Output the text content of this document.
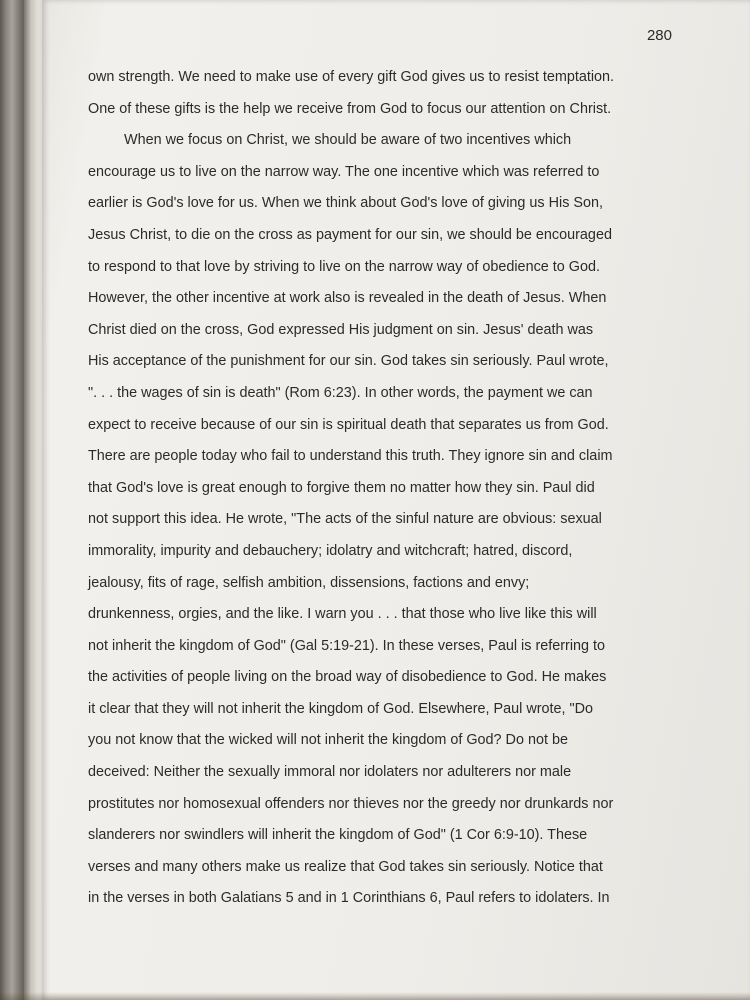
280
own strength. We need to make use of every gift God gives us to resist temptation.
One of these gifts is the help we receive from God to focus our attention on Christ.
When we focus on Christ, we should be aware of two incentives which
encourage us to live on the narrow way. The one incentive which was referred to
earlier is God's love for us. When we think about God's love of giving us His Son,
Jesus Christ, to die on the cross as payment for our sin, we should be encouraged
to respond to that love by striving to live on the narrow way of obedience to God.
However, the other incentive at work also is revealed in the death of Jesus. When
Christ died on the cross, God expressed His judgment on sin. Jesus' death was
His acceptance of the punishment for our sin. God takes sin seriously. Paul wrote,
". . . the wages of sin is death" (Rom 6:23). In other words, the payment we can
expect to receive because of our sin is spiritual death that separates us from God.
There are people today who fail to understand this truth. They ignore sin and claim
that God's love is great enough to forgive them no matter how they sin. Paul did
not support this idea. He wrote, "The acts of the sinful nature are obvious: sexual
immorality, impurity and debauchery; idolatry and witchcraft; hatred, discord,
jealousy, fits of rage, selfish ambition, dissensions, factions and envy;
drunkenness, orgies, and the like. I warn you . . . that those who live like this will
not inherit the kingdom of God" (Gal 5:19-21). In these verses, Paul is referring to
the activities of people living on the broad way of disobedience to God. He makes
it clear that they will not inherit the kingdom of God. Elsewhere, Paul wrote, "Do
you not know that the wicked will not inherit the kingdom of God? Do not be
deceived: Neither the sexually immoral nor idolaters nor adulterers nor male
prostitutes nor homosexual offenders nor thieves nor the greedy nor drunkards nor
slanderers nor swindlers will inherit the kingdom of God" (1 Cor 6:9-10). These
verses and many others make us realize that God takes sin seriously. Notice that
in the verses in both Galatians 5 and in 1 Corinthians 6, Paul refers to idolaters. In
